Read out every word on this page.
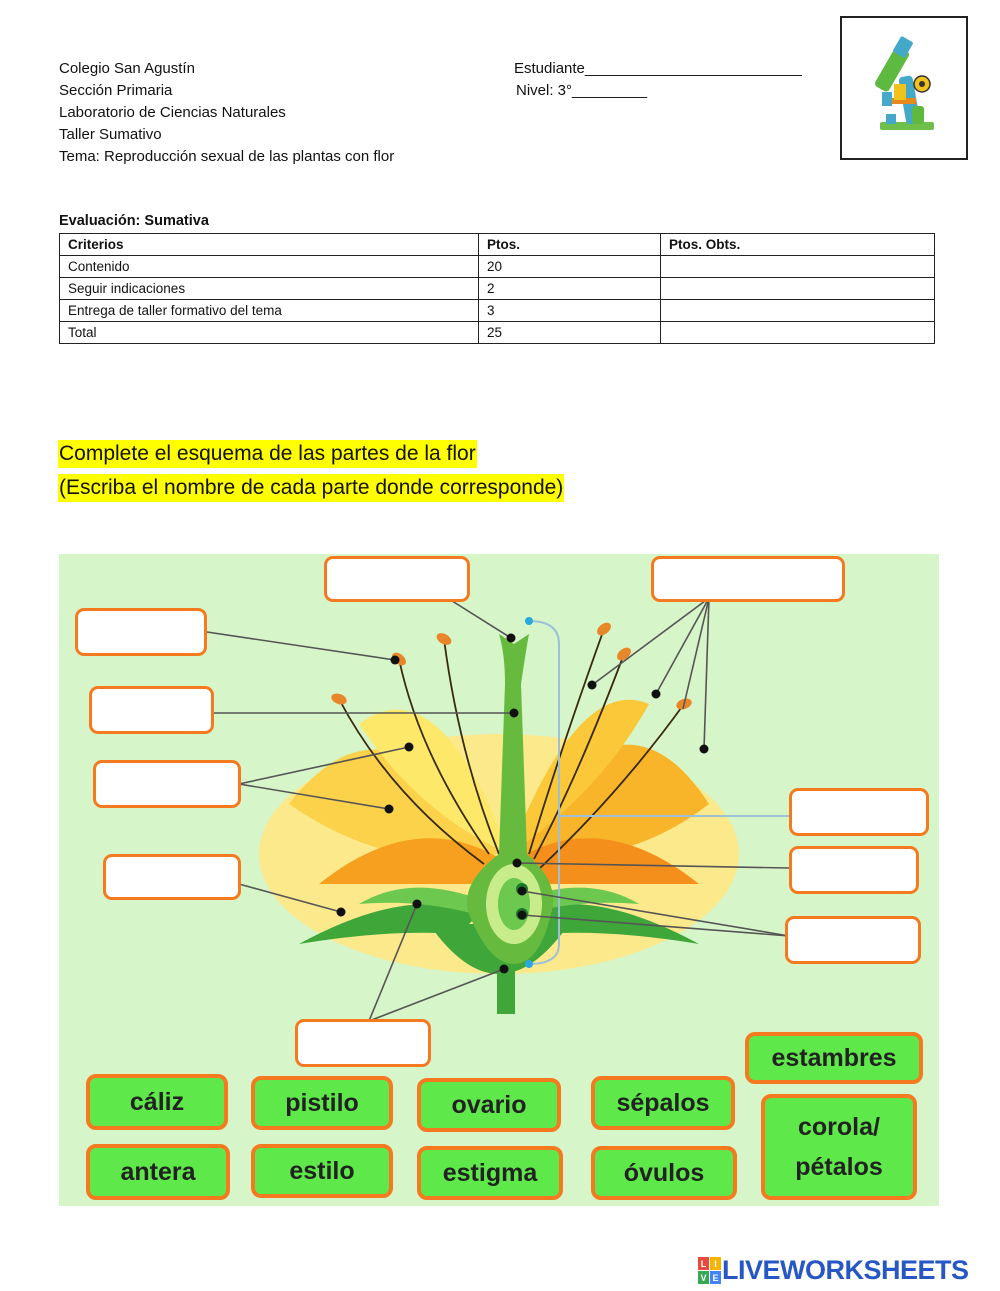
Colegio San Agustín
Sección Primaria
Laboratorio de Ciencias Naturales
Taller Sumativo
Tema: Reproducción sexual de las plantas con flor
Estudiante__________________________
Nivel: 3°_________
Evaluación: Sumativa
Criterios	Ptos.	Ptos. Obts.
Contenido	20	
Seguir indicaciones	2	
Entrega de taller formativo del tema	3	
Total	25	
Complete el esquema de las partes de la flor
(Escriba el nombre de cada parte donde corresponde)
cáliz	pistilo	ovario	sépalos
estambres
antera	estilo	estigma	óvulos
corola/
pétalos
L I
V E LIVEWORKSHEETS
